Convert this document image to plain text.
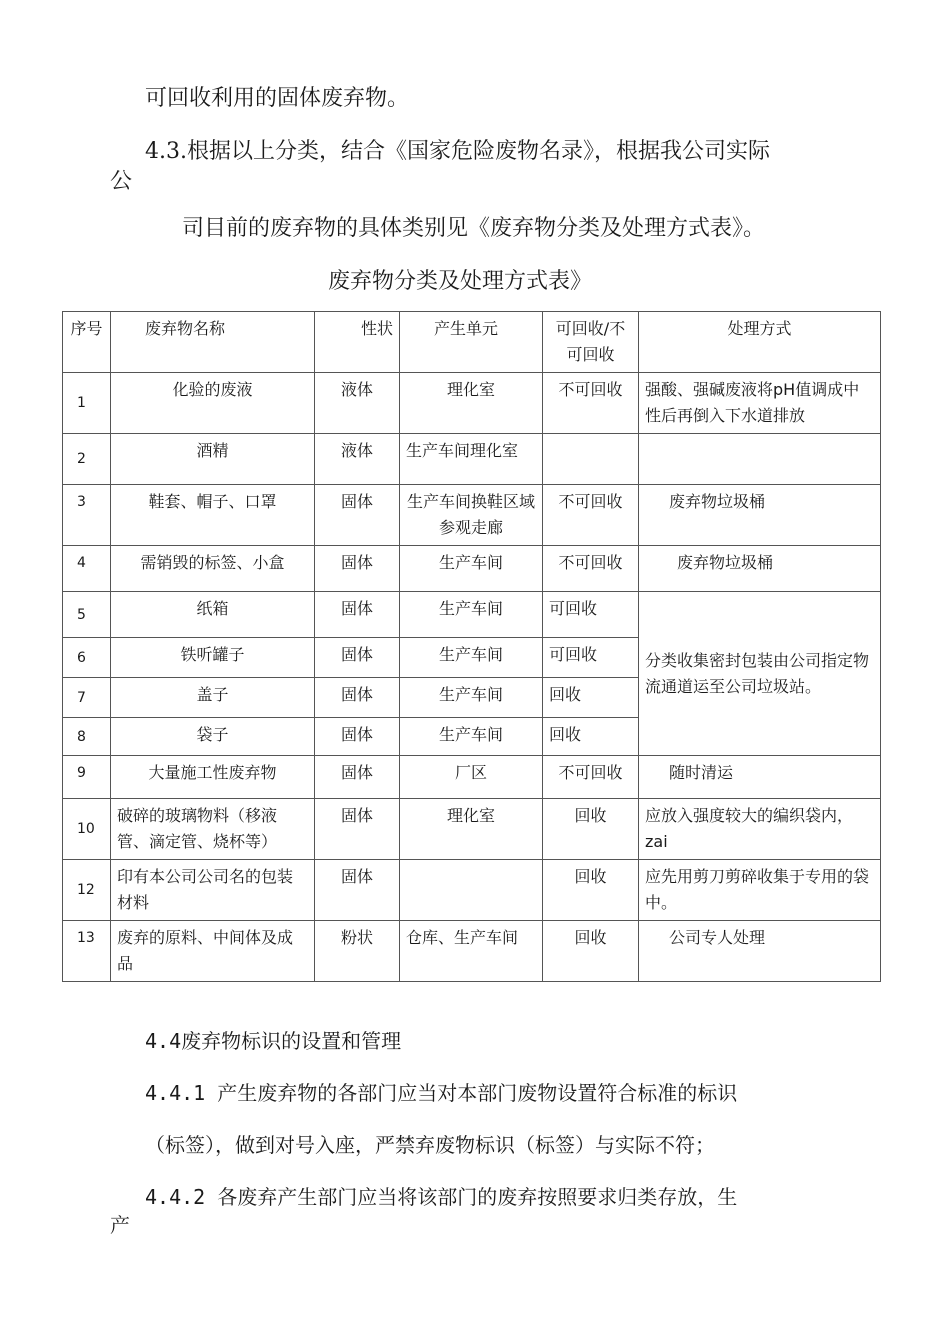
可回收利用的固体废弃物。
4.3.根据以上分类，结合《国家危险废物名录》，根据我公司实际
公
司目前的废弃物的具体类别见《废弃物分类及处理方式表》。
废弃物分类及处理方式表》
序号	废弃物名称	性状	产生单元	可回收/不可回收	处理方式
1	化验的废液	液体	理化室	不可回收	强酸、强碱废液将pH值调成中性后再倒入下水道排放
2	酒精	液体	生产车间理化室		
3	鞋套、帽子、口罩	固体	生产车间换鞋区域参观走廊	不可回收	废弃物垃圾桶
4	需销毁的标签、小盒	固体	生产车间	不可回收	废弃物垃圾桶
5	纸箱	固体	生产车间	可回收	分类收集密封包装由公司指定物流通道运至公司垃圾站。
6	铁听罐子	固体	生产车间	可回收	
7	盖子	固体	生产车间	回收	
8	袋子	固体	生产车间	回收	
9	大量施工性废弃物	固体	厂区	不可回收	随时清运
10	破碎的玻璃物料（移液管、滴定管、烧杯等）	固体	理化室	回收	应放入强度较大的编织袋内，zai
12	印有本公司公司名的包装材料	固体		回收	应先用剪刀剪碎收集于专用的袋中。
13	废弃的原料、中间体及成品	粉状	仓库、生产车间	回收	公司专人处理
4.4废弃物标识的设置和管理
4.4.1 产生废弃物的各部门应当对本部门废物设置符合标准的标识
（标签），做到对号入座，严禁弃废物标识（标签）与实际不符；
4.4.2 各废弃产生部门应当将该部门的废弃按照要求归类存放，生
产
